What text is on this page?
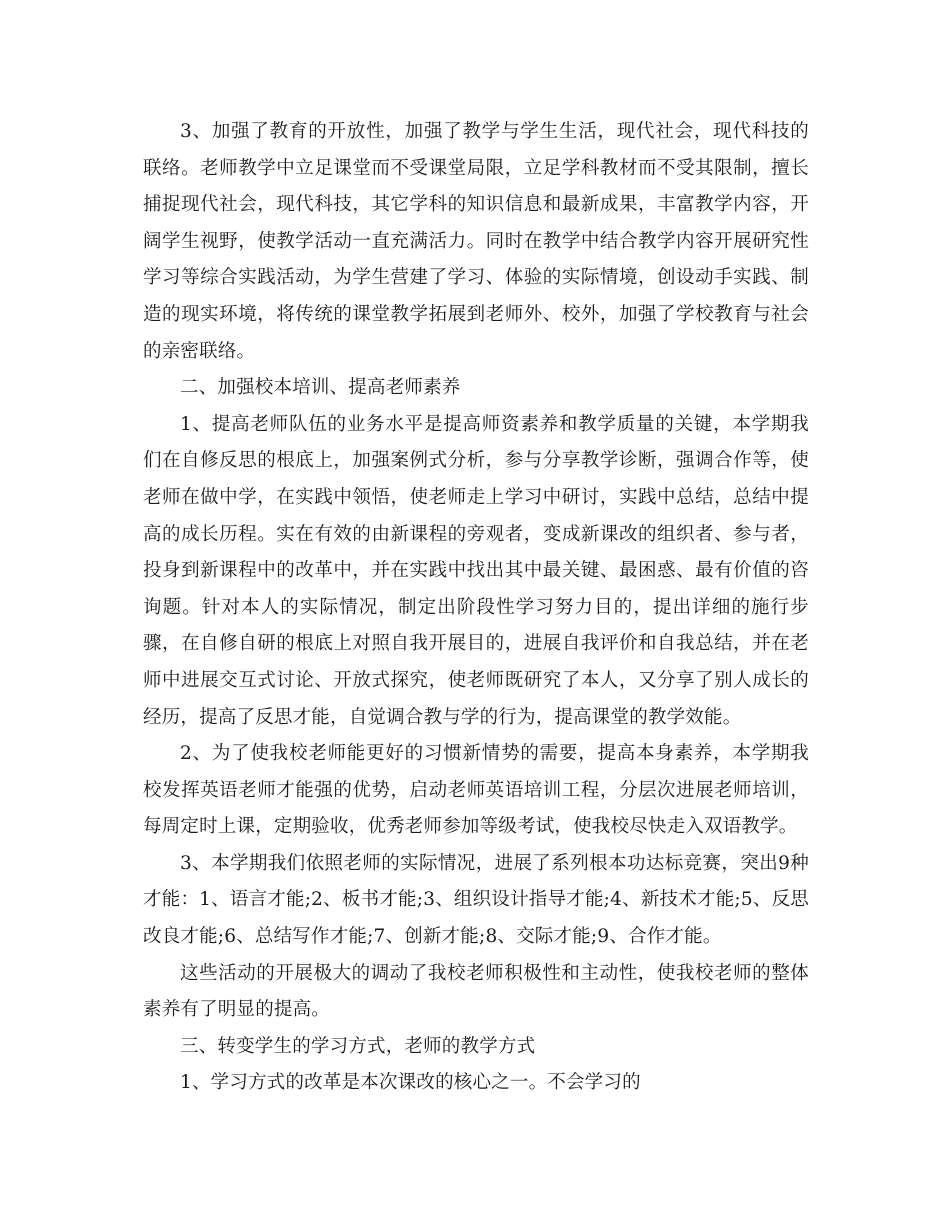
3、加强了教育的开放性，加强了教学与学生生活，现代社会，现代科技的联络。老师教学中立足课堂而不受课堂局限，立足学科教材而不受其限制，擅长捕捉现代社会，现代科技，其它学科的知识信息和最新成果，丰富教学内容，开阔学生视野，使教学活动一直充满活力。同时在教学中结合教学内容开展研究性学习等综合实践活动，为学生营建了学习、体验的实际情境，创设动手实践、制造的现实环境，将传统的课堂教学拓展到老师外、校外，加强了学校教育与社会的亲密联络。

二、加强校本培训、提高老师素养

1、提高老师队伍的业务水平是提高师资素养和教学质量的关键，本学期我们在自修反思的根底上，加强案例式分析，参与分享教学诊断，强调合作等，使老师在做中学，在实践中领悟，使老师走上学习中研讨，实践中总结，总结中提高的成长历程。实在有效的由新课程的旁观者，变成新课改的组织者、参与者，投身到新课程中的改革中，并在实践中找出其中最关键、最困惑、最有价值的咨询题。针对本人的实际情况，制定出阶段性学习努力目的，提出详细的施行步骤，在自修自研的根底上对照自我开展目的，进展自我评价和自我总结，并在老师中进展交互式讨论、开放式探究，使老师既研究了本人，又分享了别人成长的经历，提高了反思才能，自觉调合教与学的行为，提高课堂的教学效能。

2、为了使我校老师能更好的习惯新情势的需要，提高本身素养，本学期我校发挥英语老师才能强的优势，启动老师英语培训工程，分层次进展老师培训，每周定时上课，定期验收，优秀老师参加等级考试，使我校尽快走入双语教学。

3、本学期我们依照老师的实际情况，进展了系列根本功达标竞赛，突出9种才能：1、语言才能;2、板书才能;3、组织设计指导才能;4、新技术才能;5、反思改良才能;6、总结写作才能;7、创新才能;8、交际才能;9、合作才能。

这些活动的开展极大的调动了我校老师积极性和主动性，使我校老师的整体素养有了明显的提高。

三、转变学生的学习方式，老师的教学方式

1、学习方式的改革是本次课改的核心之一。不会学习的
